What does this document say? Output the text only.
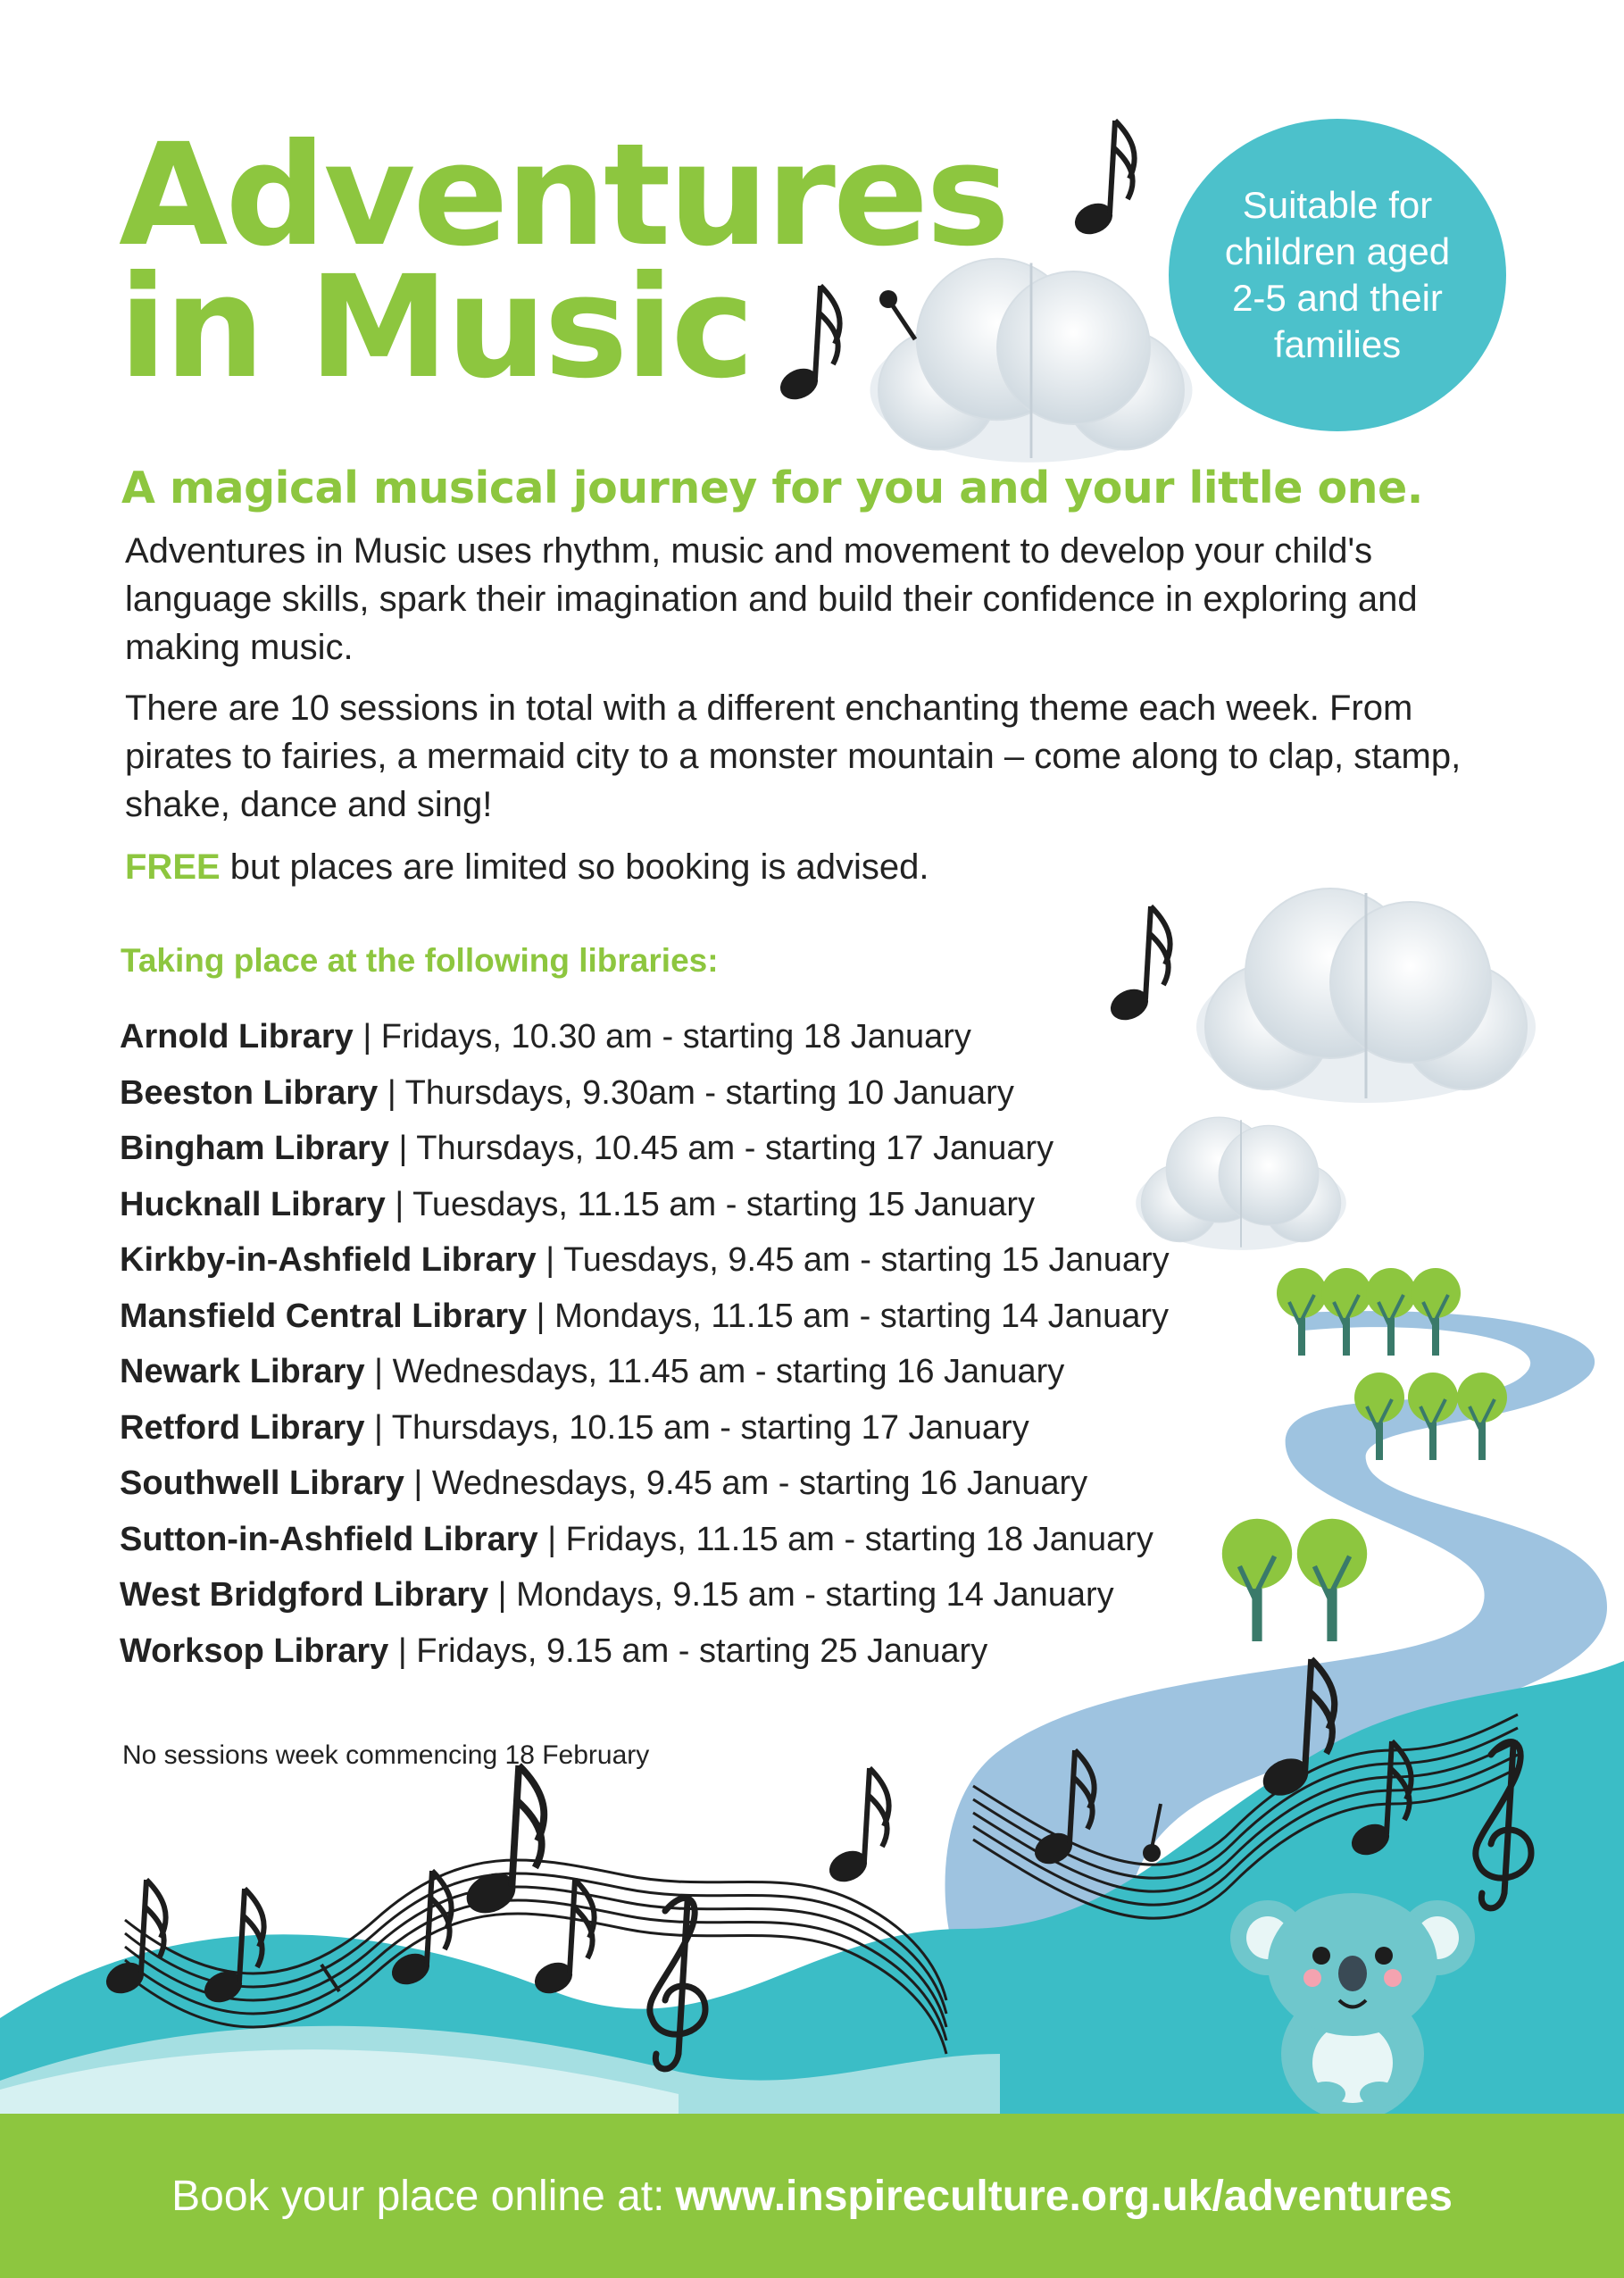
Adventures
in Music

Suitable for children aged 2-5 and their families

A magical musical journey for you and your little one.

Adventures in Music uses rhythm, music and movement to develop your child's language skills, spark their imagination and build their confidence in exploring and making music.

There are 10 sessions in total with a different enchanting theme each week. From pirates to fairies, a mermaid city to a monster mountain – come along to clap, stamp, shake, dance and sing!

FREE but places are limited so booking is advised.

Taking place at the following libraries:
Arnold Library | Fridays, 10.30 am - starting 18 January
Beeston Library | Thursdays, 9.30am - starting 10 January
Bingham Library | Thursdays, 10.45 am - starting 17 January
Hucknall Library | Tuesdays, 11.15 am - starting 15 January
Kirkby-in-Ashfield Library | Tuesdays, 9.45 am - starting 15 January
Mansfield Central Library | Mondays, 11.15 am - starting 14 January
Newark Library | Wednesdays, 11.45 am - starting 16 January
Retford Library | Thursdays, 10.15 am - starting 17 January
Southwell Library | Wednesdays, 9.45 am - starting 16 January
Sutton-in-Ashfield Library | Fridays, 11.15 am - starting 18 January
West Bridgford Library | Mondays, 9.15 am - starting 14 January
Worksop Library | Fridays, 9.15 am - starting 25 January

No sessions week commencing 18 February

Book your place online at: www.inspireculture.org.uk/adventures
